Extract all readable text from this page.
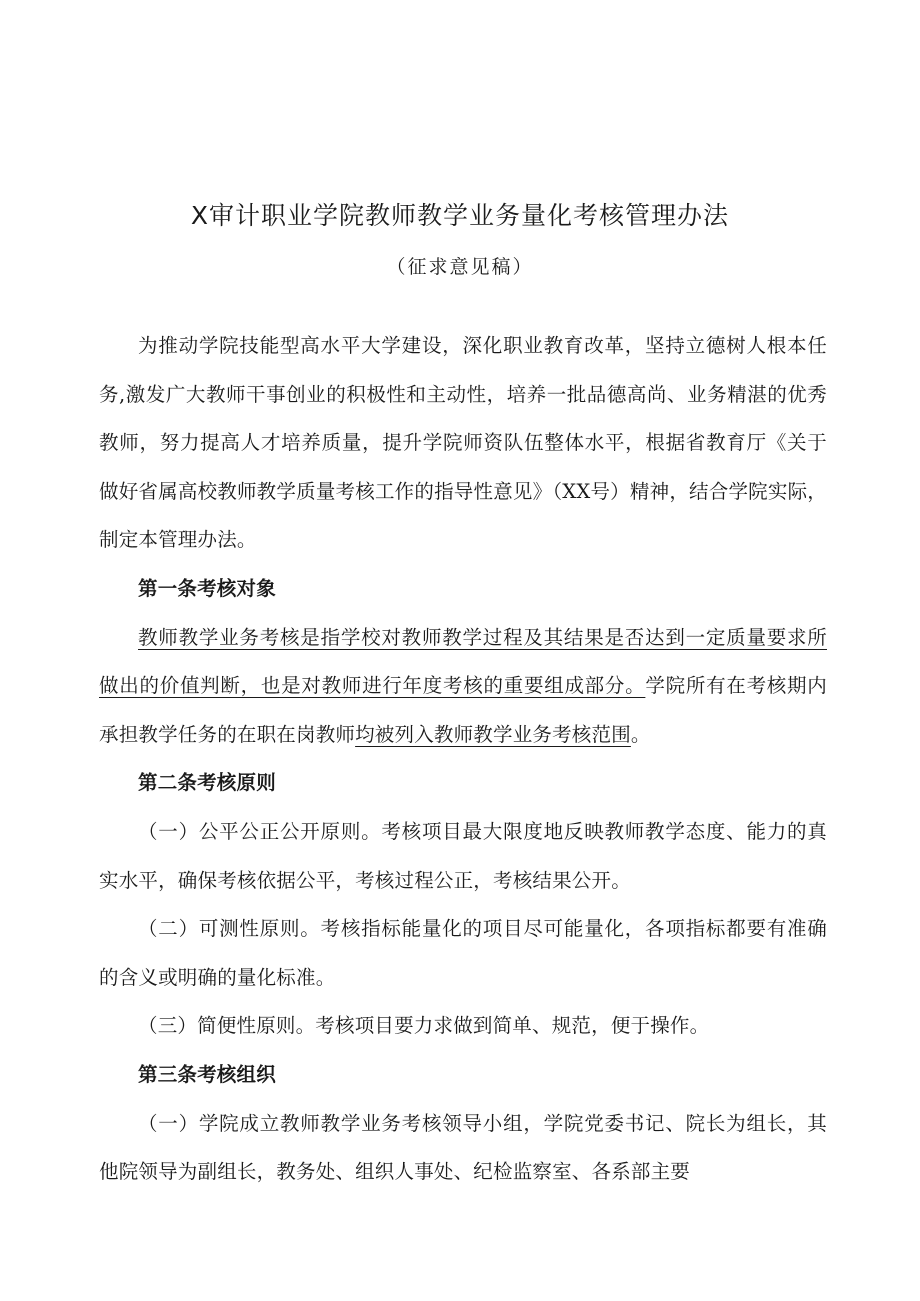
X审计职业学院教师教学业务量化考核管理办法
（征求意见稿）

为推动学院技能型高水平大学建设，深化职业教育改革，坚持立德树人根本任务,激发广大教师干事创业的积极性和主动性，培养一批品德高尚、业务精湛的优秀教师，努力提高人才培养质量，提升学院师资队伍整体水平，根据省教育厅《关于做好省属高校教师教学质量考核工作的指导性意见》（XX号）精神，结合学院实际，制定本管理办法。

第一条考核对象

教师教学业务考核是指学校对教师教学过程及其结果是否达到一定质量要求所做出的价值判断，也是对教师进行年度考核的重要组成部分。学院所有在考核期内承担教学任务的在职在岗教师均被列入教师教学业务考核范围。

第二条考核原则

（一）公平公正公开原则。考核项目最大限度地反映教师教学态度、能力的真实水平，确保考核依据公平，考核过程公正，考核结果公开。

（二）可测性原则。考核指标能量化的项目尽可能量化，各项指标都要有准确的含义或明确的量化标准。

（三）简便性原则。考核项目要力求做到简单、规范，便于操作。

第三条考核组织

（一）学院成立教师教学业务考核领导小组，学院党委书记、院长为组长，其他院领导为副组长，教务处、组织人事处、纪检监察室、各系部主要
